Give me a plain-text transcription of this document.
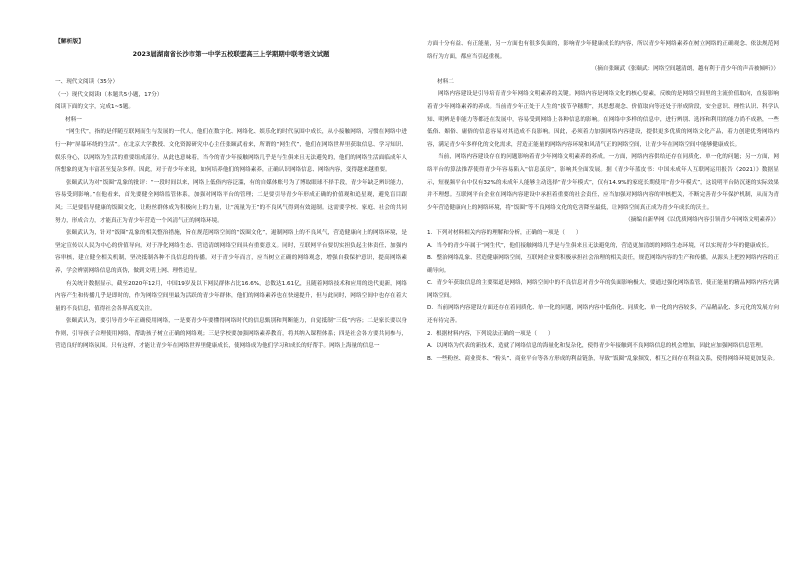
【解析版】

2023届湖南省长沙市第一中学五校联盟高三上学期期中联考语文试题

一、现代文阅读（35分）

（一）现代文阅读Ⅰ（本题共5小题，17分）

阅读下面的文字，完成1~5题。

材料一

“网生代”，指的是伴随互联网而生与发展的一代人，他们在数字化、网络化、娱乐化的时代氛围中成长，从小接触网络，习惯在网络中进行一种“屏幕环绕的生活”。在北京大学教授、文化资源研究中心主任张颐武看来，所谓的“网生代”，他们在网络世界里获取信息、学习知识、娱乐身心，以网络为生活的重要组成部分。从此也意味着，当今的青少年接触网络几乎是与生俱来且无法避免的，他们的网络生活面临成年人所想象的更为丰富甚至复杂多样。因此，对于青少年来说，如何培养他们的网络素养，正确认识网络信息、网络内容，变得越来越重要。

张颐武认为对“饭圈”乱象的批评：“一段时间以来，网络上低俗内容泛滥，有的自媒体账号为了博取眼球不择手段，青少年缺乏辨识能力，容易受到影响。”在他看来，首先要健全网络监管体系，加强对网络平台的管理；二是要引导青少年形成正确的价值观和追星观，避免盲目跟风；三是要倡导健康的饭圈文化，让粉丝群体成为积极向上的力量，让“流量为王”的不良风气得到有效遏制。这需要学校、家庭、社会的共同努力，形成合力，才能真正为青少年营造一个风清气正的网络环境。

张颐武认为，针对“饭圈”乱象的相关整治措施，旨在规范网络空间的“饭圈文化”，遏制网络上的不良风气，营造健康向上的网络环境，是坚定宣传以人民为中心的价值导向，对于净化网络生态、营造清朗网络空间具有重要意义。同时，互联网平台要切实担负起主体责任，加强内容审核，建立健全相关机制，坚决抵制各种不良信息的传播。对于青少年而言，应当树立正确的网络观念，增强自我保护意识，提高网络素养，学会辨别网络信息的真伪，做到文明上网、理性追星。

有关统计数据显示，截至2020年12月，中国19岁及以下网民群体占比16.6%，总数达1.61亿，且随着网络技术和应用的迭代更新，网络内容产生和传播几乎是即时的，作为网络空间里最为活跃的青少年群体，他们的网络素养也在快速提升，但与此同时，网络空间中也存在着大量的不良信息，值得社会各界高度关注。

张颐武认为，要引导青少年正确使用网络，一是要青少年要懂得网络时代的信息甄别和判断能力，自觉抵制“三低”内容；二是家长要以身作则，引导孩子合理使用网络，帮助孩子树立正确的网络观；三是学校要加强网络素养教育，将其纳入课程体系；四是社会各方要共同参与，营造良好的网络氛围。只有这样，才能让青少年在网络世界里健康成长，使网络成为他们学习和成长的好帮手。网络上海量的信息一

方面十分有益、有正能量，另一方面也有很多负面的，影响青少年健康成长的内容，所以青少年网络素养在树立网络的正确观念、依法规范网络行为方面，都应当引起重视。

（摘自张颐武《张颐武：网络空间越清朗，越有利于青少年的声音被倾听》）

材料二

网络内容建设是引导培育青少年网络文明素养的关键。网络内容是网络文化的核心要素，反映的是网络空间里的主流价值取向，直接影响着青少年网络素养的养成。当前青少年正处于人生的“拔节孕穗期”，其思想观念、价值取向等还处于形成阶段，安全意识、理性认识、科学认知、明辨是非能力等都还在发展中，容易受到网络上各种信息的影响。在网络中多样的信息中，进行辨别、选择和利用的能力尚不成熟，一些低俗、媚俗、庸俗的信息容易对其造成不良影响。因此，必须着力加强网络内容建设，提供更多优质的网络文化产品，着力创建优秀网络内容，满足青少年多样化的文化需求，营造正能量的网络内容环境和风清气正的网络空间，让青少年在网络空间中能够健康成长。

当前，网络内容建设存在的问题影响着青少年网络文明素养的养成。一方面，网络内容供给还存在同质化、单一化的问题；另一方面，网络平台的算法推荐使得青少年容易陷入“信息茧房”，影响其全面发展。据《青少年蓝皮书：中国未成年人互联网运用报告（2021）》数据显示，短视频平台中仅有32%的未成年人能够主动选择“青少年模式”，仅有14.9%的家庭长期使用“青少年模式”，这说明平台防沉迷的实际效果并不理想。互联网平台企业在网络内容建设中承担着重要的社会责任，应当加强对网络内容的审核把关，不断完善青少年保护机制，从而为青少年营造健康向上的网络环境，将“饭圈”等不良网络文化的危害降至最低，让网络空间真正成为青少年成长的沃土。

（摘编自新华网《以优质网络内容引领青少年网络文明素养》）

1．下列对材料相关内容的理解和分析，正确的一项是（　　）

A．当今的青少年属于“网生代”，他们接触网络几乎是与生俱来且无法避免的，营造更加清朗的网络生态环境，可以实现青少年的健康成长。

B．整治网络乱象、营造健康网络空间，互联网企业要积极承担社会治理的相关责任，规范网络内容的生产和传播，从源头上把控网络内容的正确导向。

C．青少年获取信息的主要渠道是网络，网络空间中的不良信息对青少年的负面影响极大，要通过强化网络监管，使正能量的精品网络内容充满网络空间。

D．当前网络内容建设方面还存在着同质化、单一化的问题，网络内容中低俗化、同质化、单一化的内容较多，产品精品化、多元化的发展方向还有待完善。

2．根据材料内容，下列说法正确的一项是（　　）

A．以网络为代表的新技术，造就了网络信息的海量化和复杂化，使得青少年接触到不良网络信息的机会增加，因此应加强网络信息管理。

B．一些粉丝、商业资本、“粉头”、商业平台等各方形成的利益链条，导致“饭圈”乱象频发，相互之间存在利益关系，使得网络环境更加复杂。
